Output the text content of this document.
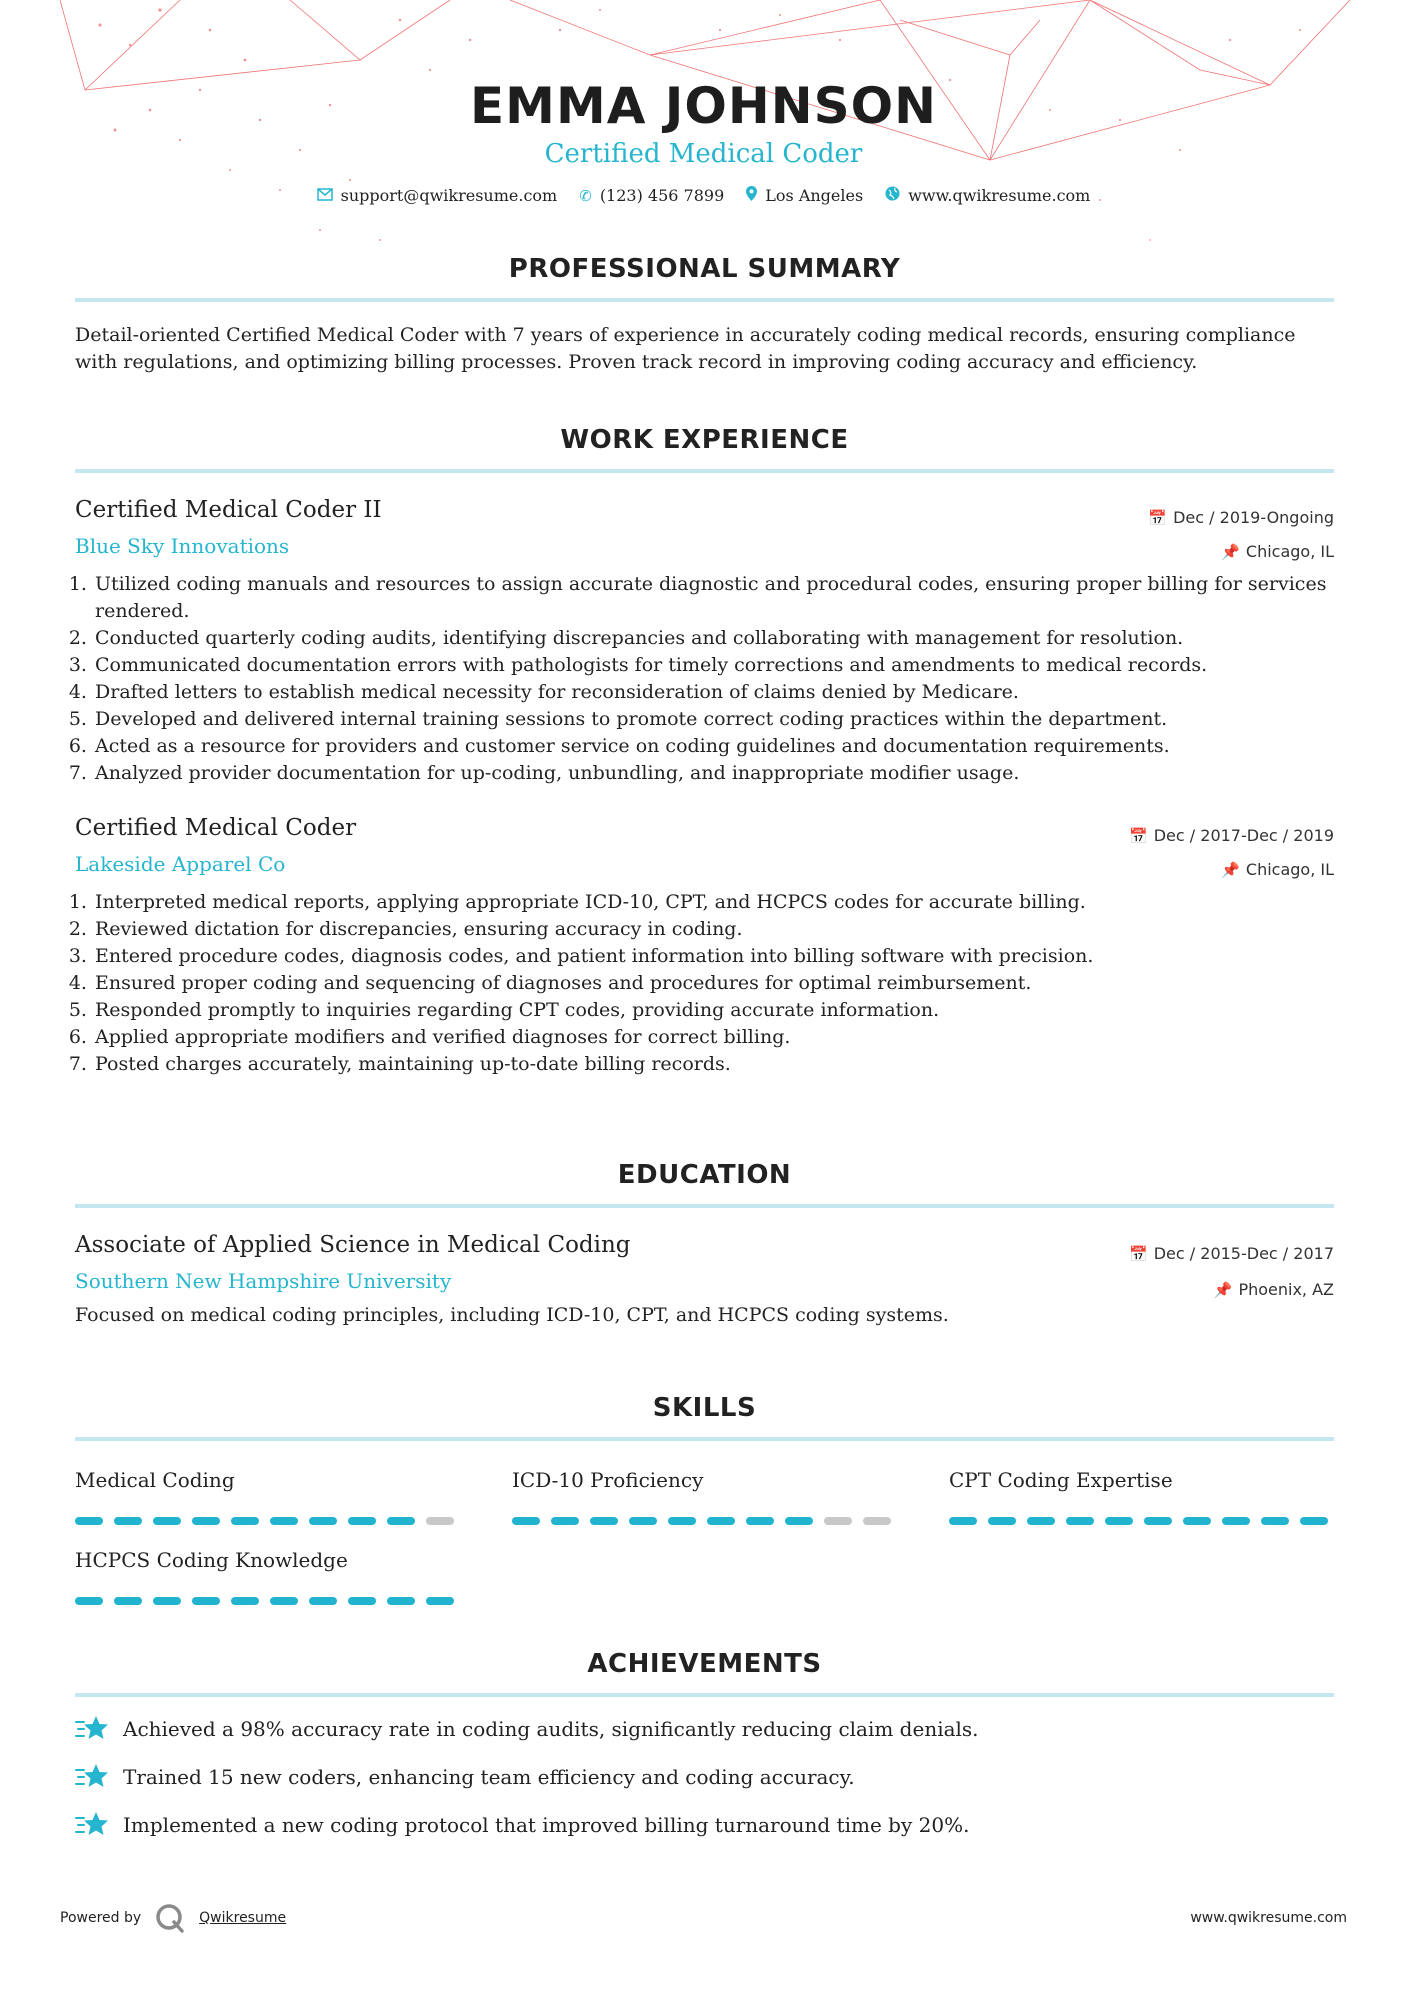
EMMA JOHNSON
Certified Medical Coder
support@qwikresume.com ✆ (123) 456 7899	Los Angeles	www.qwikresume.com
PROFESSIONAL SUMMARY

Detail-oriented Certified Medical Coder with 7 years of experience in accurately coding medical records, ensuring compliance with regulations, and optimizing billing processes. Proven track record in improving coding accuracy and efficiency.

WORK EXPERIENCE
Certified Medical Coder II
Blue Sky Innovations
📅 Dec / 2019-Ongoing
📌 Chicago, IL
1. Utilized coding manuals and resources to assign accurate diagnostic and procedural codes, ensuring proper billing for services rendered.
2. Conducted quarterly coding audits, identifying discrepancies and collaborating with management for resolution.
3. Communicated documentation errors with pathologists for timely corrections and amendments to medical records.
4. Drafted letters to establish medical necessity for reconsideration of claims denied by Medicare.
5. Developed and delivered internal training sessions to promote correct coding practices within the department.
6. Acted as a resource for providers and customer service on coding guidelines and documentation requirements.
7. Analyzed provider documentation for up-coding, unbundling, and inappropriate modifier usage.
Certified Medical Coder
Lakeside Apparel Co
📅 Dec / 2017-Dec / 2019
📌 Chicago, IL
1. Interpreted medical reports, applying appropriate ICD-10, CPT, and HCPCS codes for accurate billing.
2. Reviewed dictation for discrepancies, ensuring accuracy in coding.
3. Entered procedure codes, diagnosis codes, and patient information into billing software with precision.
4. Ensured proper coding and sequencing of diagnoses and procedures for optimal reimbursement.
5. Responded promptly to inquiries regarding CPT codes, providing accurate information.
6. Applied appropriate modifiers and verified diagnoses for correct billing.
7. Posted charges accurately, maintaining up-to-date billing records.
EDUCATION
Associate of Applied Science in Medical Coding
Southern New Hampshire University
📅 Dec / 2015-Dec / 2017
📌 Phoenix, AZ

Focused on medical coding principles, including ICD-10, CPT, and HCPCS coding systems.

SKILLS
Medical Coding	ICD-10 Proficiency	CPT Coding Expertise
HCPCS Coding Knowledge
ACHIEVEMENTS
Achieved a 98% accuracy rate in coding audits, significantly reducing claim denials.
Trained 15 new coders, enhancing team efficiency and coding accuracy.
Implemented a new coding protocol that improved billing turnaround time by 20%.
Powered by	Qwikresume	www.qwikresume.com
